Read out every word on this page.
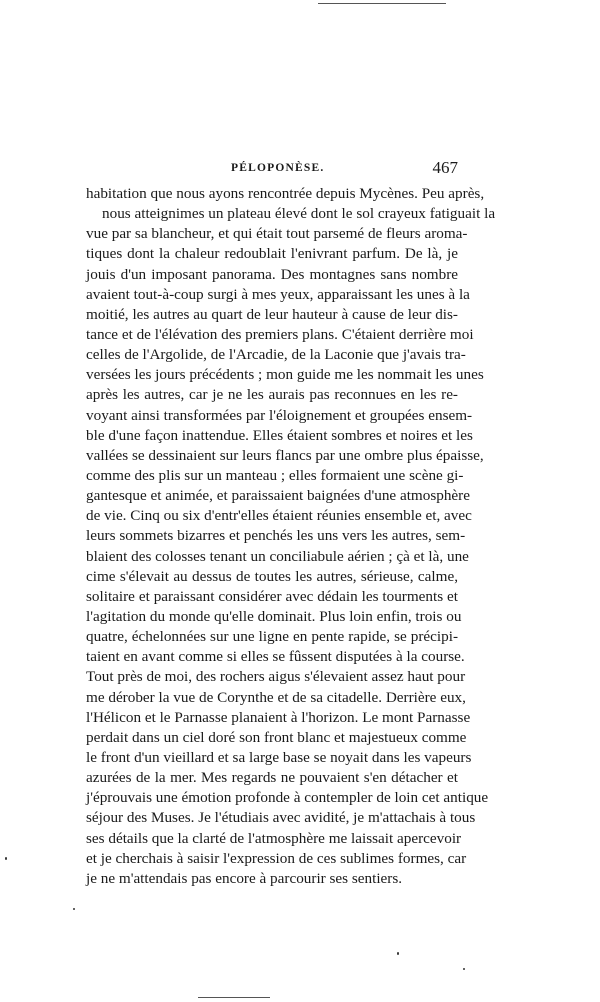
PÉLOPONÈSE.	467
habitation que nous ayons rencontrée depuis Mycènes. Peu après,
nous atteignimes un plateau élevé dont le sol crayeux fatiguait la
vue par sa blancheur, et qui était tout parsemé de fleurs aroma-
tiques dont la chaleur redoublait l'enivrant parfum. De là, je
jouis d'un imposant panorama. Des montagnes sans nombre
avaient tout-à-coup surgi à mes yeux, apparaissant les unes à la
moitié, les autres au quart de leur hauteur à cause de leur dis-
tance et de l'élévation des premiers plans. C'étaient derrière moi
celles de l'Argolide, de l'Arcadie, de la Laconie que j'avais tra-
versées les jours précédents ; mon guide me les nommait les unes
après les autres, car je ne les aurais pas reconnues en les re-
voyant ainsi transformées par l'éloignement et groupées ensem-
ble d'une façon inattendue. Elles étaient sombres et noires et les
vallées se dessinaient sur leurs flancs par une ombre plus épaisse,
comme des plis sur un manteau ; elles formaient une scène gi-
gantesque et animée, et paraissaient baignées d'une atmosphère
de vie. Cinq ou six d'entr'elles étaient réunies ensemble et, avec
leurs sommets bizarres et penchés les uns vers les autres, sem-
blaient des colosses tenant un conciliabule aérien ; çà et là, une
cime s'élevait au dessus de toutes les autres, sérieuse, calme,
solitaire et paraissant considérer avec dédain les tourments et
l'agitation du monde qu'elle dominait. Plus loin enfin, trois ou
quatre, échelonnées sur une ligne en pente rapide, se précipi-
taient en avant comme si elles se fûssent disputées à la course.
Tout près de moi, des rochers aigus s'élevaient assez haut pour
me dérober la vue de Corynthe et de sa citadelle. Derrière eux,
l'Hélicon et le Parnasse planaient à l'horizon. Le mont Parnasse
perdait dans un ciel doré son front blanc et majestueux comme
le front d'un vieillard et sa large base se noyait dans les vapeurs
azurées de la mer. Mes regards ne pouvaient s'en détacher et
j'éprouvais une émotion profonde à contempler de loin cet antique
séjour des Muses. Je l'étudiais avec avidité, je m'attachais à tous
ses détails que la clarté de l'atmosphère me laissait apercevoir
et je cherchais à saisir l'expression de ces sublimes formes, car
je ne m'attendais pas encore à parcourir ses sentiers.
